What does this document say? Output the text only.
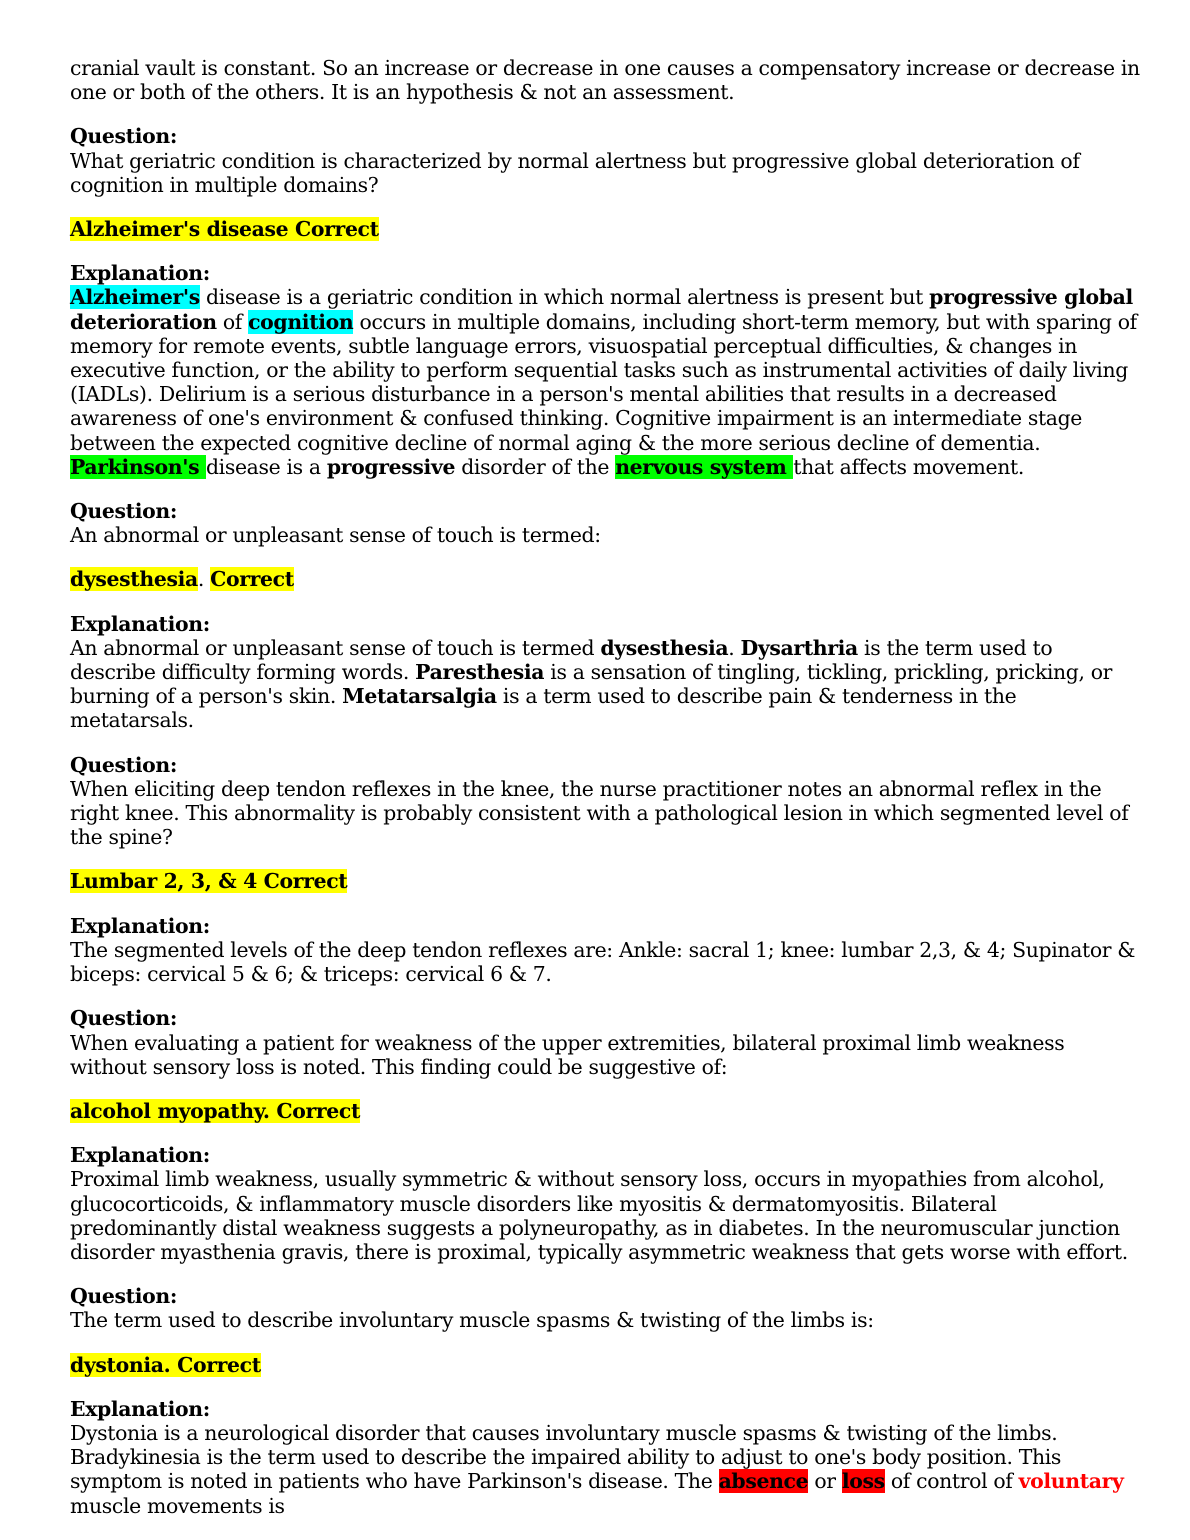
cranial vault is constant. So an increase or decrease in one causes a compensatory increase or decrease in one or both of the others. It is an hypothesis & not an assessment.

Question:

What geriatric condition is characterized by normal alertness but progressive global deterioration of cognition in multiple domains?

Alzheimer's disease Correct

Explanation:

Alzheimer's disease is a geriatric condition in which normal alertness is present but progressive global deterioration of cognition occurs in multiple domains, including short-term memory, but with sparing of memory for remote events, subtle language errors, visuospatial perceptual difficulties, & changes in executive function, or the ability to perform sequential tasks such as instrumental activities of daily living (IADLs). Delirium is a serious disturbance in a person's mental abilities that results in a decreased awareness of one's environment & confused thinking. Cognitive impairment is an intermediate stage between the expected cognitive decline of normal aging & the more serious decline of dementia. Parkinson's disease is a progressive disorder of the nervous system that affects movement.

Question:

An abnormal or unpleasant sense of touch is termed:

dysesthesia. Correct

Explanation:

An abnormal or unpleasant sense of touch is termed dysesthesia. Dysarthria is the term used to describe difficulty forming words. Paresthesia is a sensation of tingling, tickling, prickling, pricking, or burning of a person's skin. Metatarsalgia is a term used to describe pain & tenderness in the metatarsals.

Question:

When eliciting deep tendon reflexes in the knee, the nurse practitioner notes an abnormal reflex in the right knee. This abnormality is probably consistent with a pathological lesion in which segmented level of the spine?

Lumbar 2, 3, & 4 Correct

Explanation:

The segmented levels of the deep tendon reflexes are: Ankle: sacral 1; knee: lumbar 2,3, & 4; Supinator & biceps: cervical 5 & 6; & triceps: cervical 6 & 7.

Question:

When evaluating a patient for weakness of the upper extremities, bilateral proximal limb weakness without sensory loss is noted. This finding could be suggestive of:

alcohol myopathy. Correct

Explanation:

Proximal limb weakness, usually symmetric & without sensory loss, occurs in myopathies from alcohol, glucocorticoids, & inflammatory muscle disorders like myositis & dermatomyositis. Bilateral predominantly distal weakness suggests a polyneuropathy, as in diabetes. In the neuromuscular junction disorder myasthenia gravis, there is proximal, typically asymmetric weakness that gets worse with effort.

Question:

The term used to describe involuntary muscle spasms & twisting of the limbs is:

dystonia. Correct

Explanation:

Dystonia is a neurological disorder that causes involuntary muscle spasms & twisting of the limbs. Bradykinesia is the term used to describe the impaired ability to adjust to one's body position. This symptom is noted in patients who have Parkinson's disease. The absence or loss of control of voluntary muscle movements is
